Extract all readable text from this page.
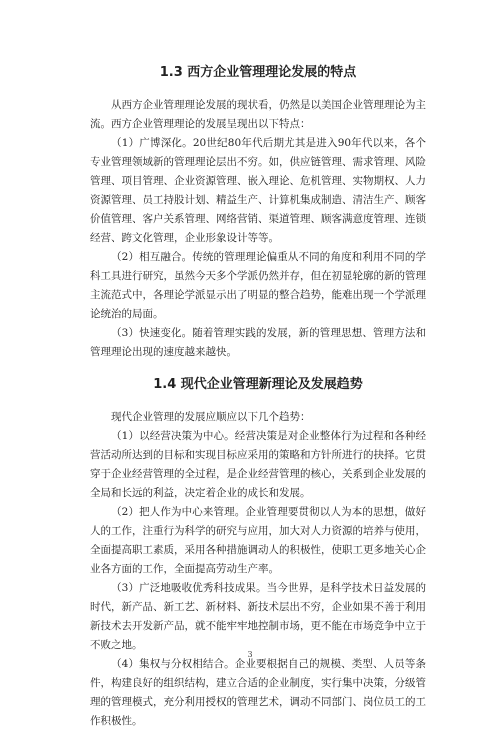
1.3 西方企业管理理论发展的特点

从西方企业管理理论发展的现状看，仍然是以美国企业管理理论为主流。西方企业管理理论的发展呈现出以下特点：

（1）广博深化。20世纪80年代后期尤其是进入90年代以来，各个专业管理领域新的管理理论层出不穷。如，供应链管理、需求管理、风险管理、项目管理、企业资源管理、嵌入理论、危机管理、实物期权、人力资源管理、员工持股计划、精益生产、计算机集成制造、清洁生产、顾客价值管理、客户关系管理、网络营销、渠道管理、顾客满意度管理、连锁经营、跨文化管理，企业形象设计等等。

（2）相互融合。传统的管理理论偏重从不同的角度和利用不同的学科工具进行研究，虽然今天多个学派仍然并存，但在初显轮廓的新的管理主流范式中，各理论学派显示出了明显的整合趋势，能难出现一个学派理论统治的局面。

（3）快速变化。随着管理实践的发展，新的管理思想、管理方法和管理理论出现的速度越来越快。

1.4 现代企业管理新理论及发展趋势

现代企业管理的发展应顺应以下几个趋势：

（1）以经营决策为中心。经营决策是对企业整体行为过程和各种经营活动所达到的目标和实现目标应采用的策略和方针所进行的抉择。它贯穿于企业经营管理的全过程，是企业经营管理的核心，关系到企业发展的全局和长远的利益，决定着企业的成长和发展。

（2）把人作为中心来管理。企业管理要贯彻以人为本的思想，做好人的工作，注重行为科学的研究与应用，加大对人力资源的培养与使用，全面提高职工素质，采用各种措施调动人的积极性，使职工更多地关心企业各方面的工作，全面提高劳动生产率。

（3）广泛地吸收优秀科技成果。当今世界，是科学技术日益发展的时代，新产品、新工艺、新材料、新技术层出不穷，企业如果不善于利用新技术去开发新产品，就不能牢牢地控制市场，更不能在市场竞争中立于不败之地。

（4）集权与分权相结合。企业要根据自己的规模、类型、人员等条件，构建良好的组织结构，建立合适的企业制度，实行集中决策，分级管理的管理模式，充分利用授权的管理艺术，调动不同部门、岗位员工的工作积极性。

3
